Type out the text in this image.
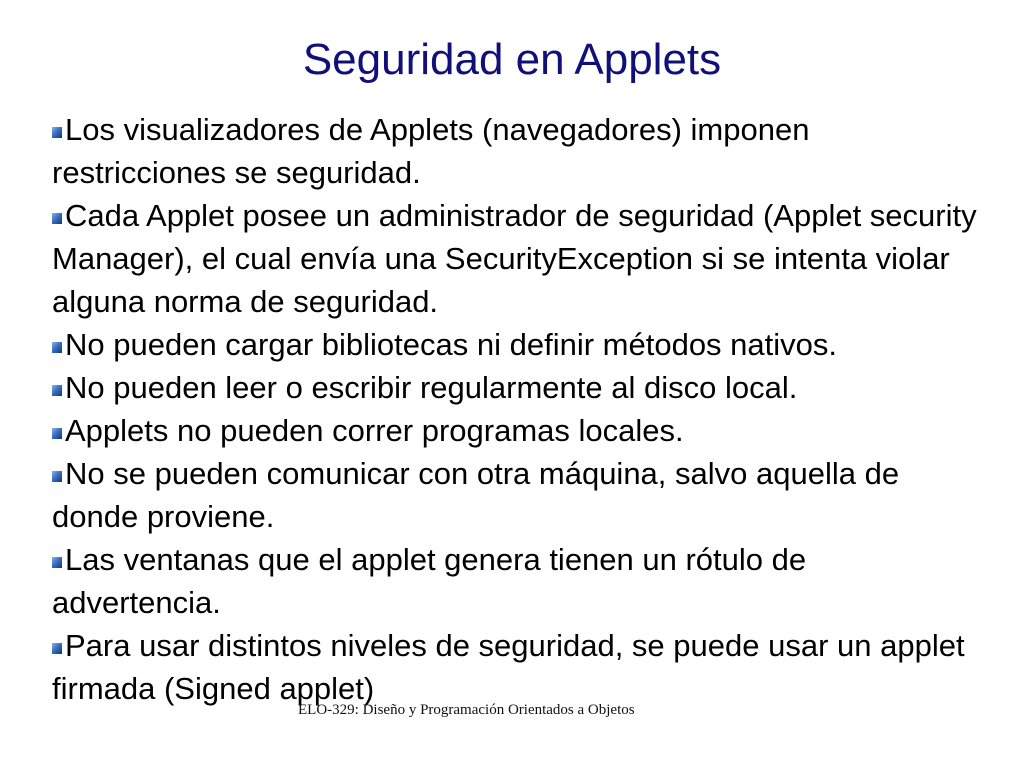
Seguridad en Applets
Los visualizadores de Applets (navegadores) imponen restricciones se seguridad.
Cada Applet posee un administrador de seguridad (Applet security Manager), el cual envía una SecurityException si se intenta violar alguna norma de seguridad.
No pueden cargar bibliotecas ni definir métodos nativos.
No pueden leer o escribir regularmente al disco local.
Applets no pueden correr programas locales.
No se pueden comunicar con otra máquina, salvo aquella de donde proviene.
Las ventanas que el applet genera tienen un rótulo de advertencia.
Para usar distintos niveles de seguridad, se puede usar un applet firmada (Signed applet)
ELO-329: Diseño y Programación Orientados a Objetos
